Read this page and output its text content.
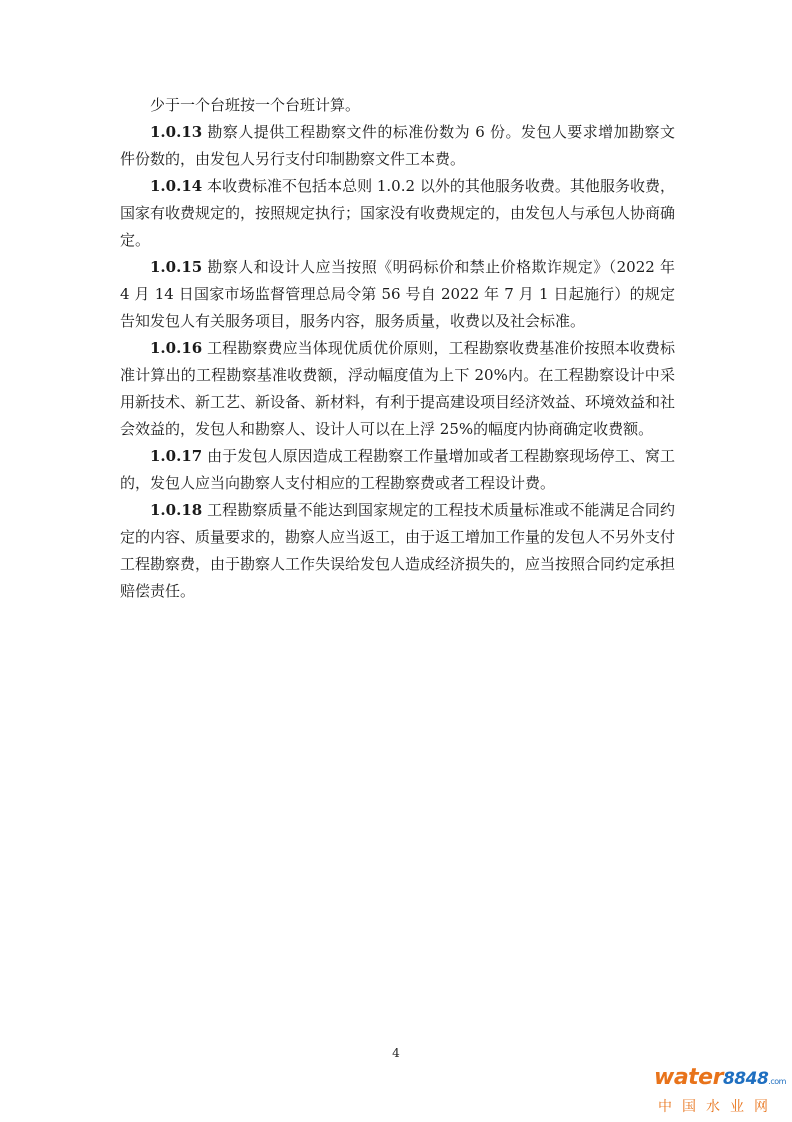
少于一个台班按一个台班计算。

1.0.13 勘察人提供工程勘察文件的标准份数为 6 份。发包人要求增加勘察文件份数的，由发包人另行支付印制勘察文件工本费。

1.0.14 本收费标准不包括本总则 1.0.2 以外的其他服务收费。其他服务收费，国家有收费规定的，按照规定执行；国家没有收费规定的，由发包人与承包人协商确定。

1.0.15 勘察人和设计人应当按照《明码标价和禁止价格欺诈规定》（2022 年 4 月 14 日国家市场监督管理总局令第 56 号自 2022 年 7 月 1 日起施行）的规定告知发包人有关服务项目，服务内容，服务质量，收费以及社会标准。

1.0.16 工程勘察费应当体现优质优价原则，工程勘察收费基准价按照本收费标准计算出的工程勘察基准收费额，浮动幅度值为上下 20%内。在工程勘察设计中采用新技术、新工艺、新设备、新材料，有利于提高建设项目经济效益、环境效益和社会效益的，发包人和勘察人、设计人可以在上浮 25%的幅度内协商确定收费额。

1.0.17 由于发包人原因造成工程勘察工作量增加或者工程勘察现场停工、窝工的，发包人应当向勘察人支付相应的工程勘察费或者工程设计费。

1.0.18 工程勘察质量不能达到国家规定的工程技术质量标准或不能满足合同约定的内容、质量要求的，勘察人应当返工，由于返工增加工作量的发包人不另外支付工程勘察费，由于勘察人工作失误给发包人造成经济损失的，应当按照合同约定承担赔偿责任。

4
water8848.com
中国水业网
